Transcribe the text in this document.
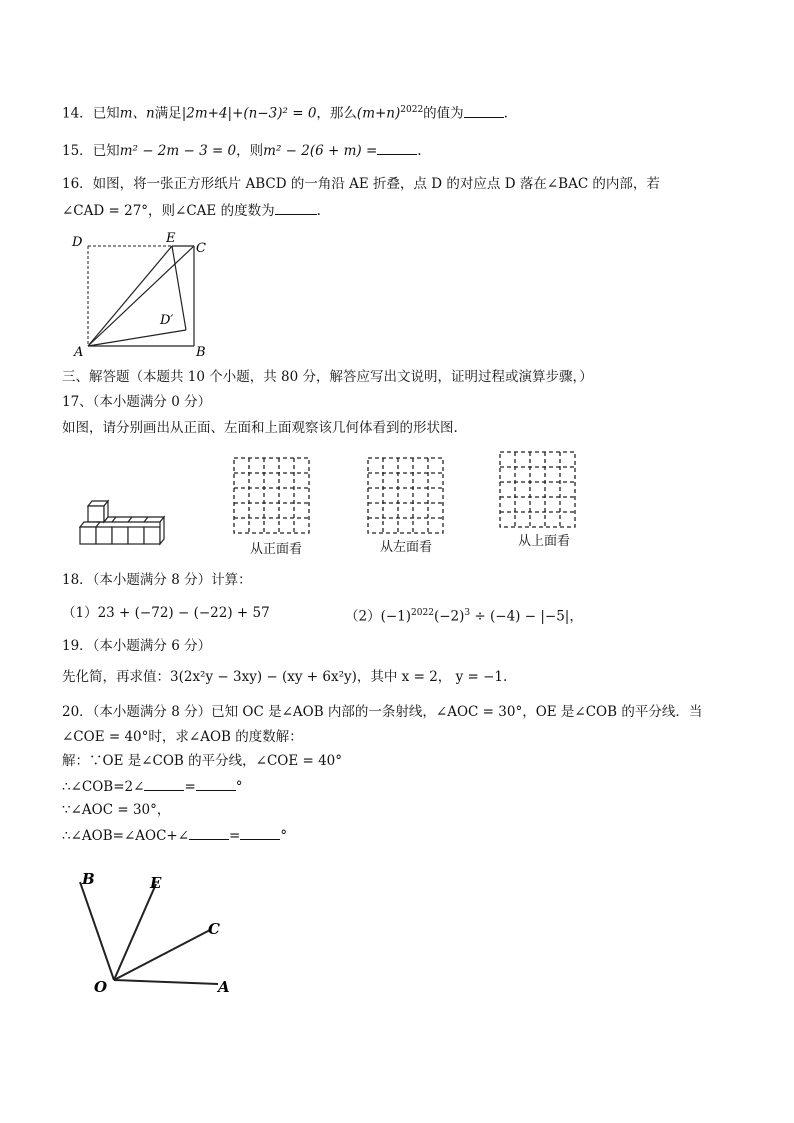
14．已知m、n满足|2m+4|+(n−3)² = 0，那么$(m+n)^{2022}$的值为	.
15．已知m² − 2m − 3 = 0，则m² − 2(6 + m) =	.
16．如图，将一张正方形纸片 ABCD 的一角沿 AE 折叠，点 D 的对应点 D 落在∠BAC 的内部，若
∠CAD = 27°，则∠CAE 的度数为	.
D	E
C
D′
A	B
三、解答题（本题共 10 个小题，共 80 分，解答应写出文说明，证明过程或演算步骤，）
17、（本小题满分 0 分）
如图，请分别画出从正面、左面和上面观察该几何体看到的形状图.
从正面看	从左面看	从上面看
18．（本小题满分 8 分）计算：
（1）23 + (−72) − (−22) + 57	$(2)(-1)^{2022}(-2)^3 \div (-4) - |-5|$，
19．（本小题满分 6 分）
先化简，再求值：3(2x²y − 3xy) − (xy + 6x²y)，其中 x = 2， y = −1.
20．（本小题满分 8 分）已知 OC 是∠AOB 内部的一条射线，∠AOC = 30°，OE 是∠COB 的平分线．当
∠COE = 40°时，求∠AOB 的度数解：
解：∵OE 是∠COB 的平分线，∠COE = 40°
∴∠COB=2∠	=	°
∵∠AOC = 30°，
∴∠AOB=∠AOC+∠	=	°
B	E
C
O	A
